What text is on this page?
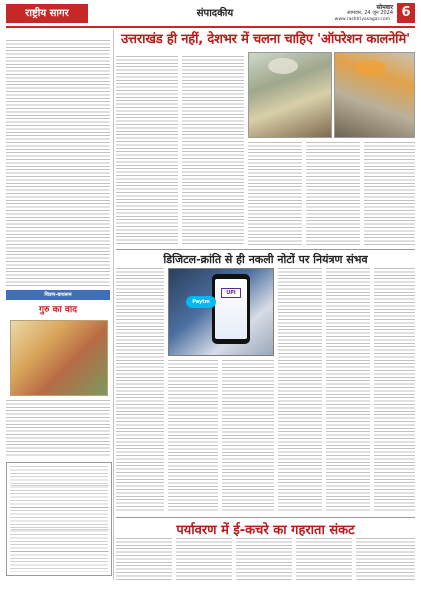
राष्ट्रीय सागर	संपादकीय
सोमवार
सामवार, 24 जून 2024
www.rashtriyasagar.com 6
चित्रण-बाथरूम
गुरु का वाद
उत्तराखंड ही नहीं, देशभर में चलना चाहिए 'ऑपरेशन कालनेमि'
डिजिटल-क्रांति से ही नकली नोटों पर नियंत्रण संभव
Paytm
UPI
पर्यावरण में ई-कचरे का गहराता संकट
